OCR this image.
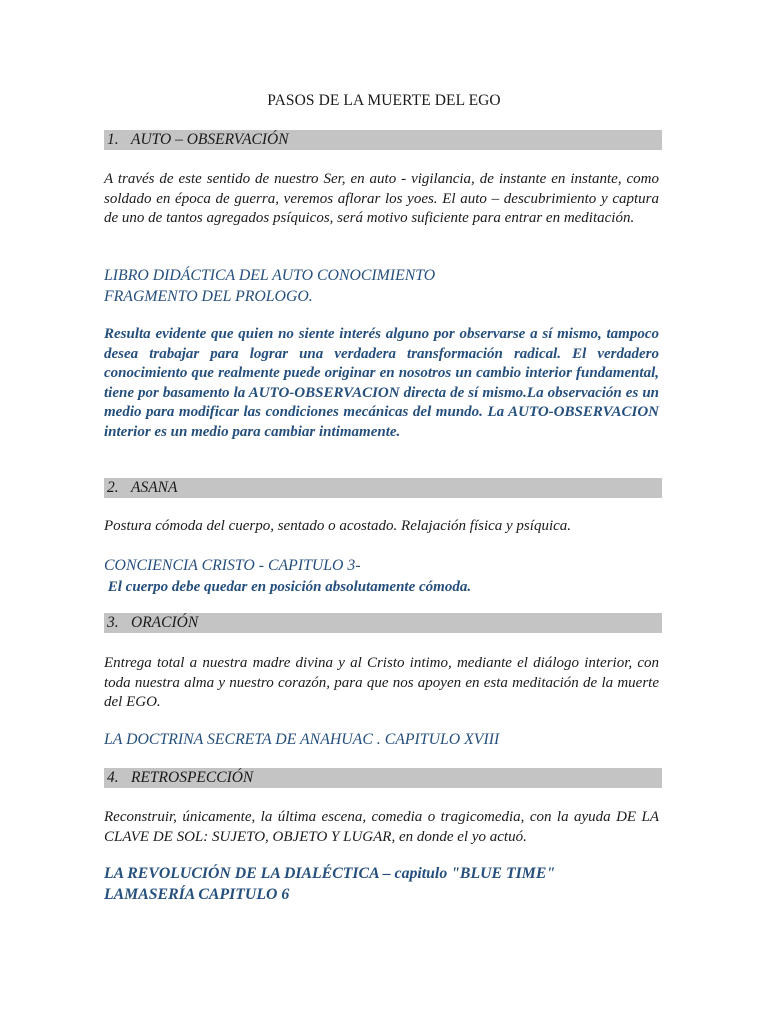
PASOS DE LA MUERTE DEL EGO
1. AUTO – OBSERVACIÓN
A través de este sentido de nuestro Ser, en auto - vigilancia, de instante en instante, como soldado en época de guerra, veremos aflorar los yoes. El auto – descubrimiento y captura de uno de tantos agregados psíquicos, será motivo suficiente para entrar en meditación.
LIBRO DIDÁCTICA DEL AUTO CONOCIMIENTO
FRAGMENTO DEL PROLOGO.
Resulta evidente que quien no siente interés alguno por observarse a sí mismo, tampoco desea trabajar para lograr una verdadera transformación radical. El verdadero conocimiento que realmente puede originar en nosotros un cambio interior fundamental, tiene por basamento la AUTO-OBSERVACION directa de sí mismo.La observación es un medio para modificar las condiciones mecánicas del mundo. La AUTO-OBSERVACION interior es un medio para cambiar intimamente.
2. ASANA
Postura cómoda del cuerpo, sentado o acostado. Relajación física y psíquica.
CONCIENCIA CRISTO - CAPITULO 3-
El cuerpo debe quedar en posición absolutamente cómoda.
3. ORACIÓN
Entrega total a nuestra madre divina y al Cristo intimo, mediante el diálogo interior, con toda nuestra alma y nuestro corazón, para que nos apoyen en esta meditación de la muerte del EGO.
LA DOCTRINA SECRETA DE ANAHUAC . CAPITULO XVIII
4. RETROSPECCIÓN
Reconstruir, únicamente, la última escena, comedia o tragicomedia, con la ayuda DE LA CLAVE DE SOL: SUJETO, OBJETO Y LUGAR, en donde el yo actuó.
LA REVOLUCIÓN DE LA DIALÉCTICA – capitulo "BLUE TIME"
LAMASERÍA CAPITULO 6
